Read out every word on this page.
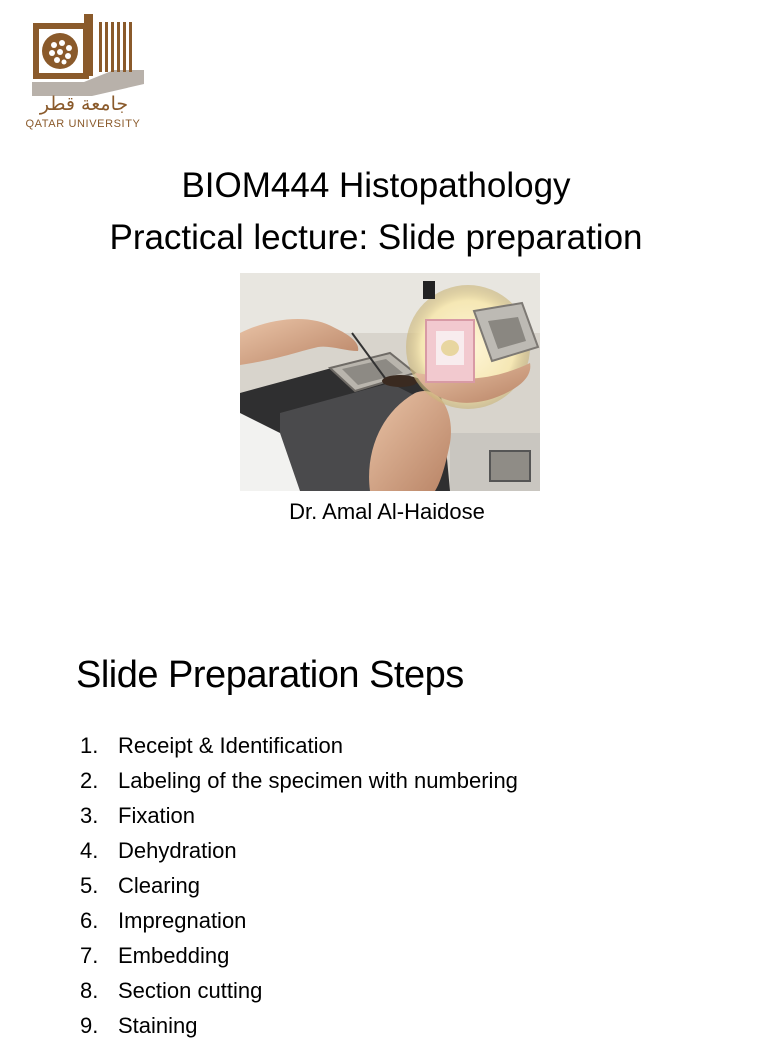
جامعة قطر
QATAR UNIVERSITY
BIOM444 Histopathology
Practical lecture: Slide preparation
Dr. Amal Al-Haidose
Slide Preparation Steps
1. Receipt & Identification
2. Labeling of the specimen with numbering
3. Fixation
4. Dehydration
5. Clearing
6. Impregnation
7. Embedding
8. Section cutting
9. Staining
